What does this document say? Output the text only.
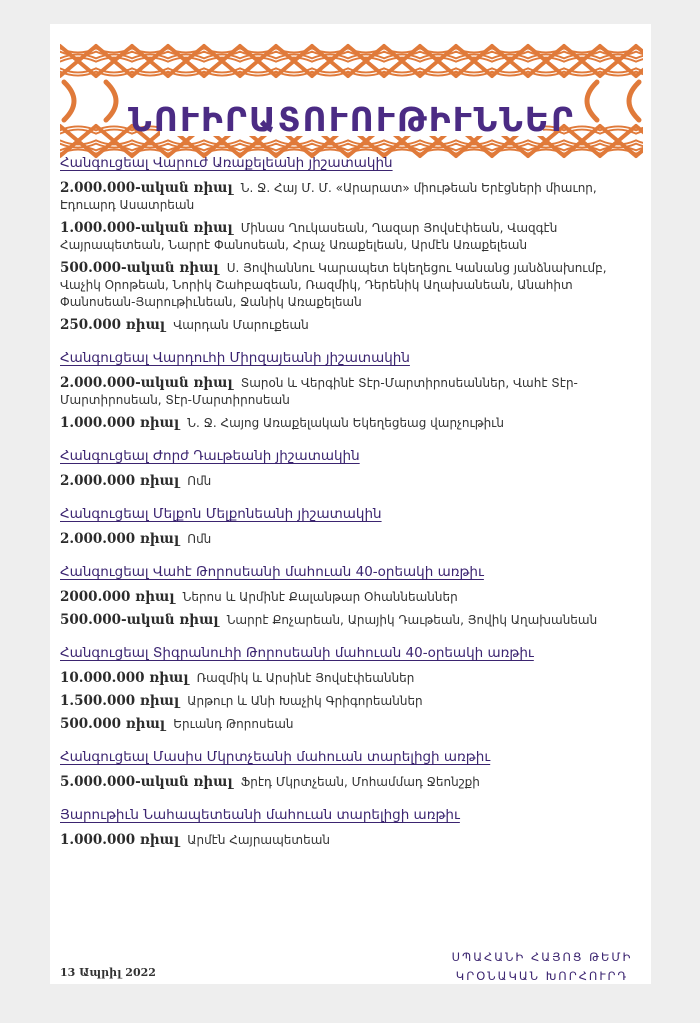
ՆՈՒԻՐԱՏՈՒՈՒԹԻՒՆՆԵՐ
Հանգուցեալ Վարուժ Առաքելեանի յիշատակին
2.000.000-ական ռիալ Ն. Ջ. Հայ Մ. Մ. «Արարատ» միութեան Երէցների միաւոր, Էդուարդ Ասատրեան
1.000.000-ական ռիալ Մինաս Ղուկասեան, Ղազար Յովսէփեան, Վազգէն Հայրապետեան, Նարրէ Փանոսեան, Հրաչ Առաքելեան, Արմէն Առաքելեան
500.000-ական ռիալ Ս. Յովհաննու Կարապետ եկեղեցու Կանանց յանձնախումբ, Վաչիկ Օրոթեան, Նորիկ Շահբազեան, Ռազմիկ, Դերենիկ Աղախանեան, Անահիտ Փանոսեան-Յարութիւնեան, Ջանիկ Առաքելեան
250.000 ռիալ Վարդան Մարուքեան
Հանգուցեալ Վարդուհի Միրզայեանի յիշատակին
2.000.000-ական ռիալ Տարօն և Վերգինէ Տէր-Մարտիրոսեաններ, Վահէ Տէր-Մարտիրոսեան, Տէր-Մարտիրոսեան
1.000.000 ռիալ Ն. Ջ. Հայոց Առաքելական Եկեղեցեաց վարչութիւն
Հանգուցեալ Ժորժ Դաւթեանի յիշատակին
2.000.000 ռիալ Ոմն
Հանգուցեալ Մելքոն Մելքոնեանի յիշատակին
2.000.000 ռիալ Ոմն
Հանգուցեալ Վահէ Թորոսեանի մահուան 40-օրեակի առթիւ
2000.000 ռիալ Ներոս և Արմինէ Քալանթար Օհաննեաններ
500.000-ական ռիալ Նարրէ Քոչարեան, Արայիկ Դաւթեան, Յովիկ Աղախանեան
Հանգուցեալ Տիգրանուհի Թորոսեանի մահուան 40-օրեակի առթիւ
10.000.000 ռիալ Ռազմիկ և Արսինէ Յովսէփեաններ
1.500.000 ռիալ Արթուր և Անի Խաչիկ Գրիգորեաններ
500.000 ռիալ Երւանդ Թորոսեան
Հանգուցեալ Մասիս Մկրտչեանի մահուան տարելիցի առթիւ
5.000.000-ական ռիալ Ֆրէդ Մկրտչեան, Մոհամմադ Ջեոնշքի
Յարութիւն Նահապետեանի մահուան տարելիցի առթիւ
1.000.000 ռիալ Արմէն Հայրապետեան
13 Ապրիլ 2022
ՍՊԱՀԱՆԻ ՀԱՅՈՑ ԹԵՄԻ
ԿՐՕՆԱԿԱՆ ԽՈՐՀՈՒՐԴ
